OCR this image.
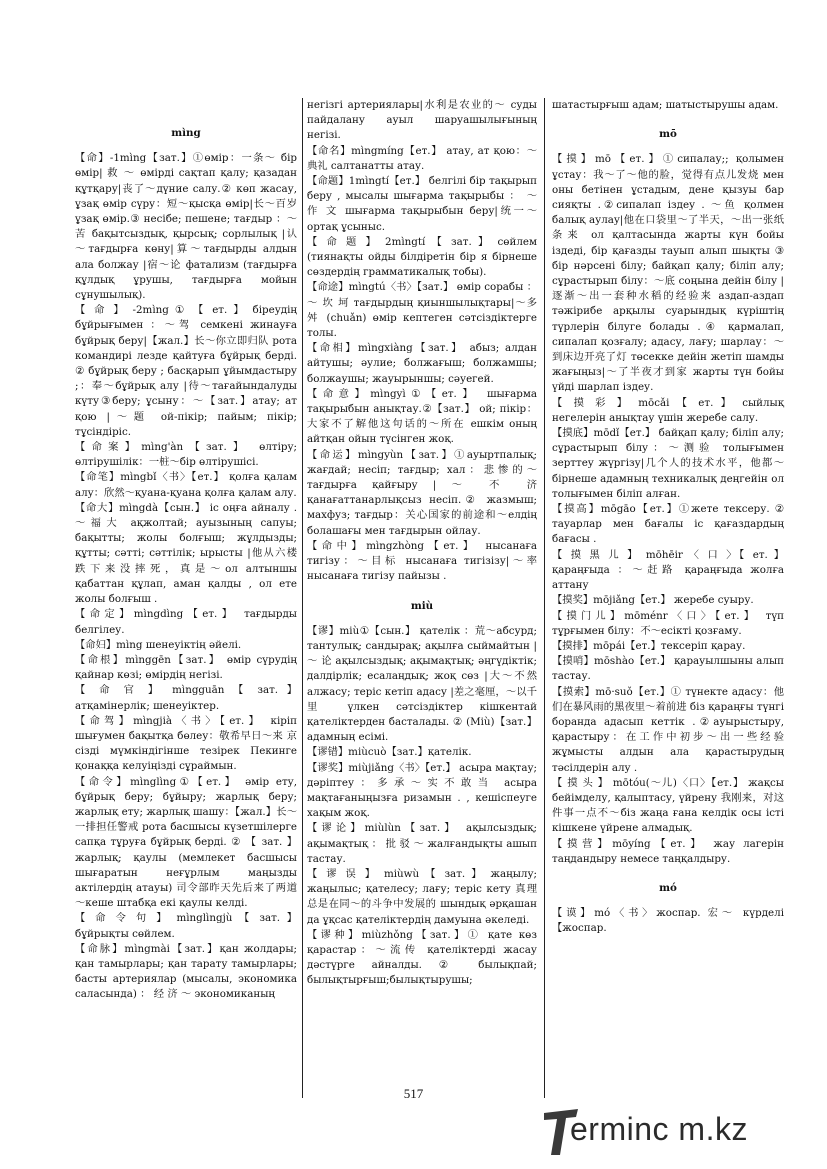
mìng

【命】-1mìng【зат.】①өмір：一条～ бір өмір| 救 ～ өмірді сақтап қалу; қазадан құтқару|丧了～дүние салу.② көп жасау, ұзақ өмір сүру：短～қысқа өмір|长～百岁 ұзақ өмір.③ несібе; пешене; тағдыр ：～苦 бақытсыздық, қырсық; сорлылық |认～тағдырға көну|算～тағдырды алдын ала болжау |宿～论 фатализм (тағдырға құлдық ұрушы, тағдырға мойын сұнушылық).

【 命 】 -2mìng ① 【 ет. 】 біреудің бұйрығымен ：～驾 семкені жинауға бұйрық беру|【жал.】长～你立即归队 рота командирі лезде қайтуға бұйрық берді. ② бұйрық беру ; басқарып ұйымдастыру ;：奉～бұйрық алу |待～тағайындалуды күту③беру; ұсыну：～【зат.】атау; ат қою |～题 ой-пікір; пайым; пікір; тұсіндіріс.

【命案】mìng'àn【зат.】 өлтіру; өлтірушілік：一桩～бір өлтірушісі.

【命笔】mìngbǐ〈书〉【ет.】 қолға қалам алу：欣然～қуана-қуана қолға қалам алу.

【命大】mìngdà【сын.】 іс оңға айналу . ～福大 ақжолтай; ауызының сапуы; бақытты; жолы болғыш; жұлдызды; құтты; сәтті; сәттілік; ырысты |他从六楼跌下来没摔死，真是～ол алтыншы қабаттан құлап, аман қалды , ол ете жолы болғыш .

【命定】mìngdìng【ет.】 тағдырды белгілеу.

【命妇】mìng шенеуіктің әйелі.

【命根】mìnggēn【зат.】 өмір сүрудің қайнар көзі; өмірдің негізі.

【 命 官 】 mìngguān 【 зат. 】 атқамінерлік; шенеуіктер.

【命驾】mìngjià〈书〉【ет.】 кіріп шығумен бақытқа бөлеу：敬希早日～来 京 сізді мүмкіндігінше тезірек Пекинге қонаққа келуіңізді сұраймын.

【命令】mìnglìng①【ет.】 әмір ету, бұйрық беру; бұйыру; жарлық беру; жарлық ету; жарлық шашу：【жал.】长～一排担任警戒 рота басшысы күзетшілерге сапқа тұруға бұйрық берді. ② 【 зат. 】 жарлық; қаулы (мемлекет басшысы шығаратын неғұрлым маңызды актілердің атауы) 司令部昨天先后来了两道～кеше штабқа екі қаулы келді.

【 命 令 句 】 mìnglìngjù 【 зат. 】 бұйрықты сөйлем.

【命脉】mìngmài【зат.】қан жолдары; қан тамырлары; қан тарату тамырлары; басты артериялар (мысалы, экономика саласында) ： 经 济 ～ экономиканың

негізгі артериялары|水利是农业的～ суды пайдалану ауыл шаруашылығының негізі.

【命名】mìngmíng【ет.】 атау, ат қою：～典礼 салтанатты атау.

【命题】1mìngtí【ет.】 белгілі бір тақырып беру , мысалы шығарма тақырыбы ： ～ 作 文 шығарма тақырыбын беру|统一～ортақ ұсыныс.

【 命 题 】 2mìngtí 【 зат. 】 сөйлем (тиянақты ойды білдіретін бір я бірнеше сөздердің грамматикалық тобы).

【命途】mìngtú〈书〉【зат.】 өмір сорабы ： ～ 坎 坷 тағдырдың қиыншылықтары|～多舛 (chuǎn) өмір кептеген сәтсіздіктерге толы.

【命相】mìngxiàng【зат.】 абыз; алдан айтушы; әулие; болжағыш; болжамшы; болжаушы; жауырыншы; сәуегей.

【命意】mìngyì①【ет.】 шығарма тақырыбын анықтау.②【зат.】 ой; пікір：大家不了解他这句话的～所在 ешкім оның айтқан ойын түсінген жоқ.

【命运】mìngyùn【зат.】①ауыртпалық; жағдай; несіп; тағдыр; хал：悲惨的～тағдырға қайғыру | ～ 不 济 қанағаттанарлықсыз несіп.② жазмыш; махфуз; тағдыр：关心国家的前途和～елдің болашағы мен тағдырын ойлау.

【命中】mìngzhòng【ет.】 нысанаға тигізу：～目标 нысанаға тигізізу|～率 нысанаға тигізу пайызы .

miù

【谬】miù①【сын.】 қателік ：荒～абсурд; тантулық; сандырақ; ақылға сыймайтын | ～ 论 ақылсыздық; ақымақтық; әңгүдіктік; далдірлік; есалаңдық; жоқ сөз |大～不然 алжасу; теріс кетіп адасу |差之毫厘，～以千里 үлкен сәтсіздіктер кішкентай қателіктерден басталады. ② (Miù)【зат.】адамның есімі.

【谬错】miùcuò【зат.】қателік.

【谬奖】miùjiǎng〈书〉【ет.】 асыра мақтау; дәріптеу：多承～实不敢当 асыра мақтағаныңызға ризамын . , кешіспеуге хақым жоқ.

【谬论】miùlùn【зат.】 ақылсыздық; ақымақтық ： 批 驳 ～ жалғандықты ашып тастау.

【 谬 误 】 miùwù 【 зат. 】 жаңылу; жаңылыс; қателесу; лағу; теріс кету 真理总是在同～的斗争中发展的 шындық әрқашан да ұқсас қателіктердің дамуына әкеледі.

【谬种】miùzhǒng【зат.】① қате көз қарастар：～流传 қателіктерді жасау дәстүрге айналды. ② былықпай; былықтырғыш;былықтырушы;

шатастырғыш адам; шатыстырушы адам.

mō

【摸】mō【ет.】①сипалау;; қолымен ұстау：我～了～他的脸，觉得有点儿发烧 мен оны бетінен ұстадым, дене қызуы бар сияқты .②сипалап іздеу . ～鱼 қолмен балық аулау|他在口袋里～了半天，～出一张纸条来 ол қалтасында жарты күн бойы іздеді, бір қағазды тауып алып шықты ③ бір нәрсені білу; байқап қалу; біліп алу; сұрастырып білу：～底 соңына дейін білу |逐渐～出一套种水稻的经验来 аздап-аздап тәжірибе арқылы суарындық күріштің түрлерін білуге болады .④ қармалап, сипалап қозғалу; адасу, лағу; шарлау：～到床边开亮了灯 төсекке дейін жетіп шамды жағыңыз|～了半夜才到家 жарты түн бойы үйді шарлап іздеу.

【 摸 彩 】 mōcǎi 【 ет. 】 сыйлық негелерін анықтау үшін жеребе салу.

【摸底】mōdǐ【ет.】 байқап қалу; біліп алу; сұрастырып білу：～测验 толығымен зерттеу жүргізу|几个人的技术水平，他都～ бірнеше адамның техникалық деңгейін ол толығымен біліп алған.

【摸高】mōgāo【ет.】①жете тексеру. ② тауарлар мен бағалы іс қағаздардың бағасы .

【 摸 黑 儿 】 mōhēir 〈 口 〉【 ет. 】 қараңғыда ：～赶路 қараңғыда жолға аттану

【摸奖】mōjiǎng【ет.】 жеребе суыру.

【摸门儿】mōménr〈口〉【ет.】 түп тұрғымен білу：不～есікті қозғаму.

【摸排】mōpái【ет.】тексеріп қарау.

【摸哨】mōshào【ет.】 қарауылшыны алып тастау.

【摸索】mō·suǒ【ет.】① түнекте адасу：他们在暴风雨的黑夜里～着前进 біз қараңғы түнгі боранда адасып кеттік .②ауырыстыру, қарастыру：在工作中初步～出一些经验 жұмысты алдын ала қарастырудың тәсілдерін алу .

【 摸 头 】 mōtóu(～儿)〈口〉【ет.】 жақсы бейімделу, қалыптасу, үйрену 我刚来，对这件事一点不～біз жаңа ғана келдік осы істі кішкене үйрене алмадық.

【摸营】mōyíng【ет.】 жау лагерін таңдандыру немесе таңқалдыру.

mó

【谟】mó〈书〉жоспар. 宏～ күрделі 【жоспар.

517
erminc m.kz
